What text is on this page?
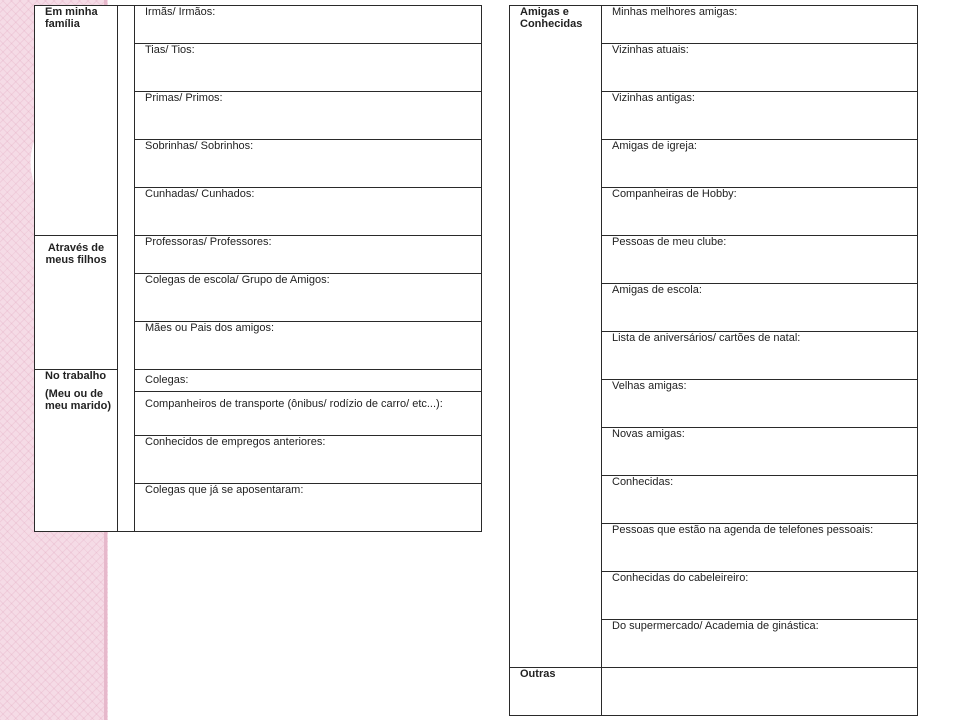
Em minha família		Irmãs/ Irmãos:
		Tias/ Tios:
		Primas/ Primos:
		Sobrinhas/ Sobrinhos:
		Cunhadas/ Cunhados:

Através de meus filhos		Professoras/ Professores:
		Colegas de escola/ Grupo de Amigos:
		Mães ou Pais dos amigos:

No trabalho

(Meu ou de meu marido)		Colegas:
		Companheiros de transporte (ônibus/ rodízio de carro/ etc...):
		Conhecidos de empregos anteriores:
		Colegas que já se aposentaram:

Amigas e Conhecidas	Minhas melhores amigas:
	Vizinhas atuais:
	Vizinhas antigas:
	Amigas de igreja:
	Companheiras de Hobby:
	Pessoas de meu clube:
	Amigas de escola:
	Lista de aniversários/ cartões de natal:
	Velhas amigas:
	Novas amigas:
	Conhecidas:
	Pessoas que estão na agenda de telefones pessoais:
	Conhecidas do cabeleireiro:
	Do supermercado/ Academia de ginástica:

Outras	
